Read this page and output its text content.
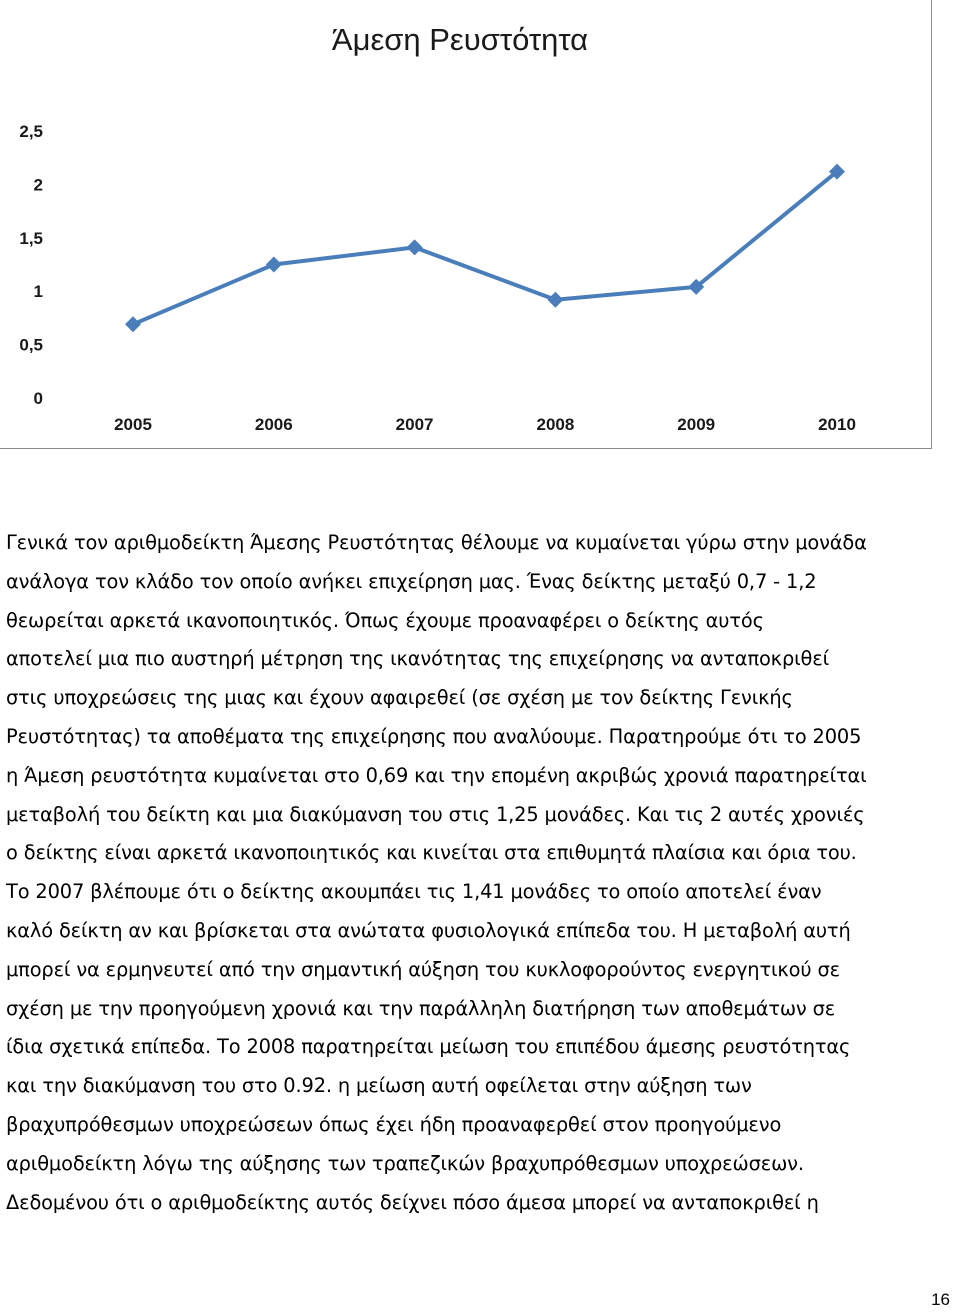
Άμεση Ρευστότητα
0
0,5
1
1,5
2
2,5
2005	2006	2007	2008	2009	2010
Γενικά τον αριθμοδείκτη Άμεσης Ρευστότητας θέλουμε να κυμαίνεται γύρω στην μονάδα
ανάλογα τον κλάδο τον οποίο ανήκει επιχείρηση μας. Ένας δείκτης μεταξύ 0,7 - 1,2
θεωρείται αρκετά ικανοποιητικός. Όπως έχουμε προαναφέρει ο δείκτης αυτός
αποτελεί μια πιο αυστηρή μέτρηση της ικανότητας της επιχείρησης να ανταποκριθεί
στις υποχρεώσεις της μιας και έχουν αφαιρεθεί (σε σχέση με τον δείκτης Γενικής
Ρευστότητας) τα αποθέματα της επιχείρησης που αναλύουμε. Παρατηρούμε ότι το 2005
η Άμεση ρευστότητα κυμαίνεται στο 0,69 και την επομένη ακριβώς χρονιά παρατηρείται
μεταβολή του δείκτη και μια διακύμανση του στις 1,25 μονάδες. Και τις 2 αυτές χρονιές
ο δείκτης είναι αρκετά ικανοποιητικός και κινείται στα επιθυμητά πλαίσια και όρια του.
Το 2007 βλέπουμε ότι ο δείκτης ακουμπάει τις 1,41 μονάδες το οποίο αποτελεί έναν
καλό δείκτη αν και βρίσκεται στα ανώτατα φυσιολογικά επίπεδα του. Η μεταβολή αυτή
μπορεί να ερμηνευτεί από την σημαντική αύξηση του κυκλοφορούντος ενεργητικού σε
σχέση με την προηγούμενη χρονιά και την παράλληλη διατήρηση των αποθεμάτων σε
ίδια σχετικά επίπεδα. Το 2008 παρατηρείται μείωση του επιπέδου άμεσης ρευστότητας
και την διακύμανση του στο 0.92. η μείωση αυτή οφείλεται στην αύξηση των
βραχυπρόθεσμων υποχρεώσεων όπως έχει ήδη προαναφερθεί στον προηγούμενο
αριθμοδείκτη λόγω της αύξησης των τραπεζικών βραχυπρόθεσμων υποχρεώσεων.
Δεδομένου ότι ο αριθμοδείκτης αυτός δείχνει πόσο άμεσα μπορεί να ανταποκριθεί η
16
